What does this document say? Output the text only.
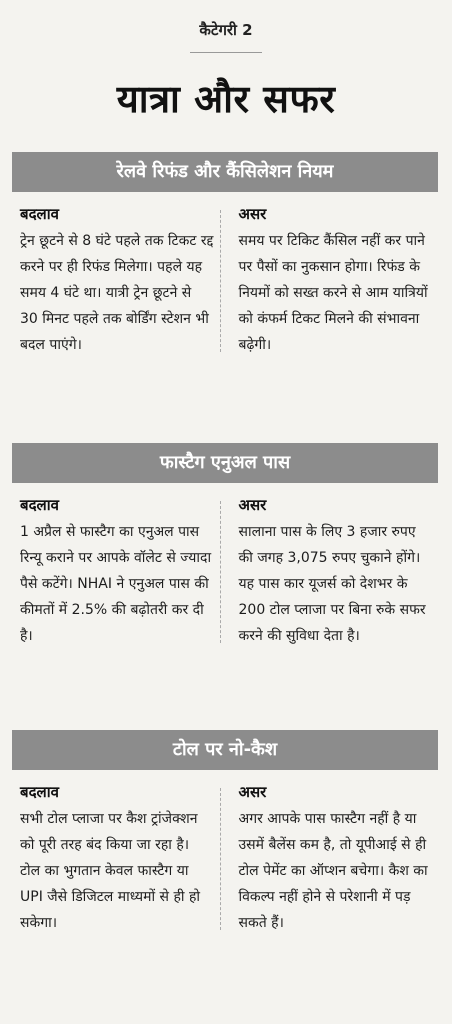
कैटेगरी 2
यात्रा और सफर
रेलवे रिफंड और कैंसिलेशन नियम
बदलाव
ट्रेन छूटने से 8 घंटे पहले तक टिकट रद्द करने पर ही रिफंड मिलेगा। पहले यह समय 4 घंटे था। यात्री ट्रेन छूटने से 30 मिनट पहले तक बोर्डिंग स्टेशन भी बदल पाएंगे।
असर
समय पर टिकिट कैंसिल नहीं कर पाने पर पैसों का नुकसान होगा। रिफंड के नियमों को सख्त करने से आम यात्रियों को कंफर्म टिकट मिलने की संभावना बढ़ेगी।
फास्टैग एनुअल पास
बदलाव
1 अप्रैल से फास्टैग का एनुअल पास रिन्यू कराने पर आपके वॉलेट से ज्यादा पैसे कटेंगे। NHAI ने एनुअल पास की कीमतों में 2.5% की बढ़ोतरी कर दी है।
असर
सालाना पास के लिए 3 हजार रुपए की जगह 3,075 रुपए चुकाने होंगे। यह पास कार यूजर्स को देशभर के 200 टोल प्लाजा पर बिना रुके सफर करने की सुविधा देता है।
टोल पर नो-कैश
बदलाव
सभी टोल प्लाजा पर कैश ट्रांजेक्शन को पूरी तरह बंद किया जा रहा है। टोल का भुगतान केवल फास्टैग या UPI जैसे डिजिटल माध्यमों से ही हो सकेगा।
असर
अगर आपके पास फास्टैग नहीं है या उसमें बैलेंस कम है, तो यूपीआई से ही टोल पेमेंट का ऑप्शन बचेगा। कैश का विकल्प नहीं होने से परेशानी में पड़ सकते हैं।
